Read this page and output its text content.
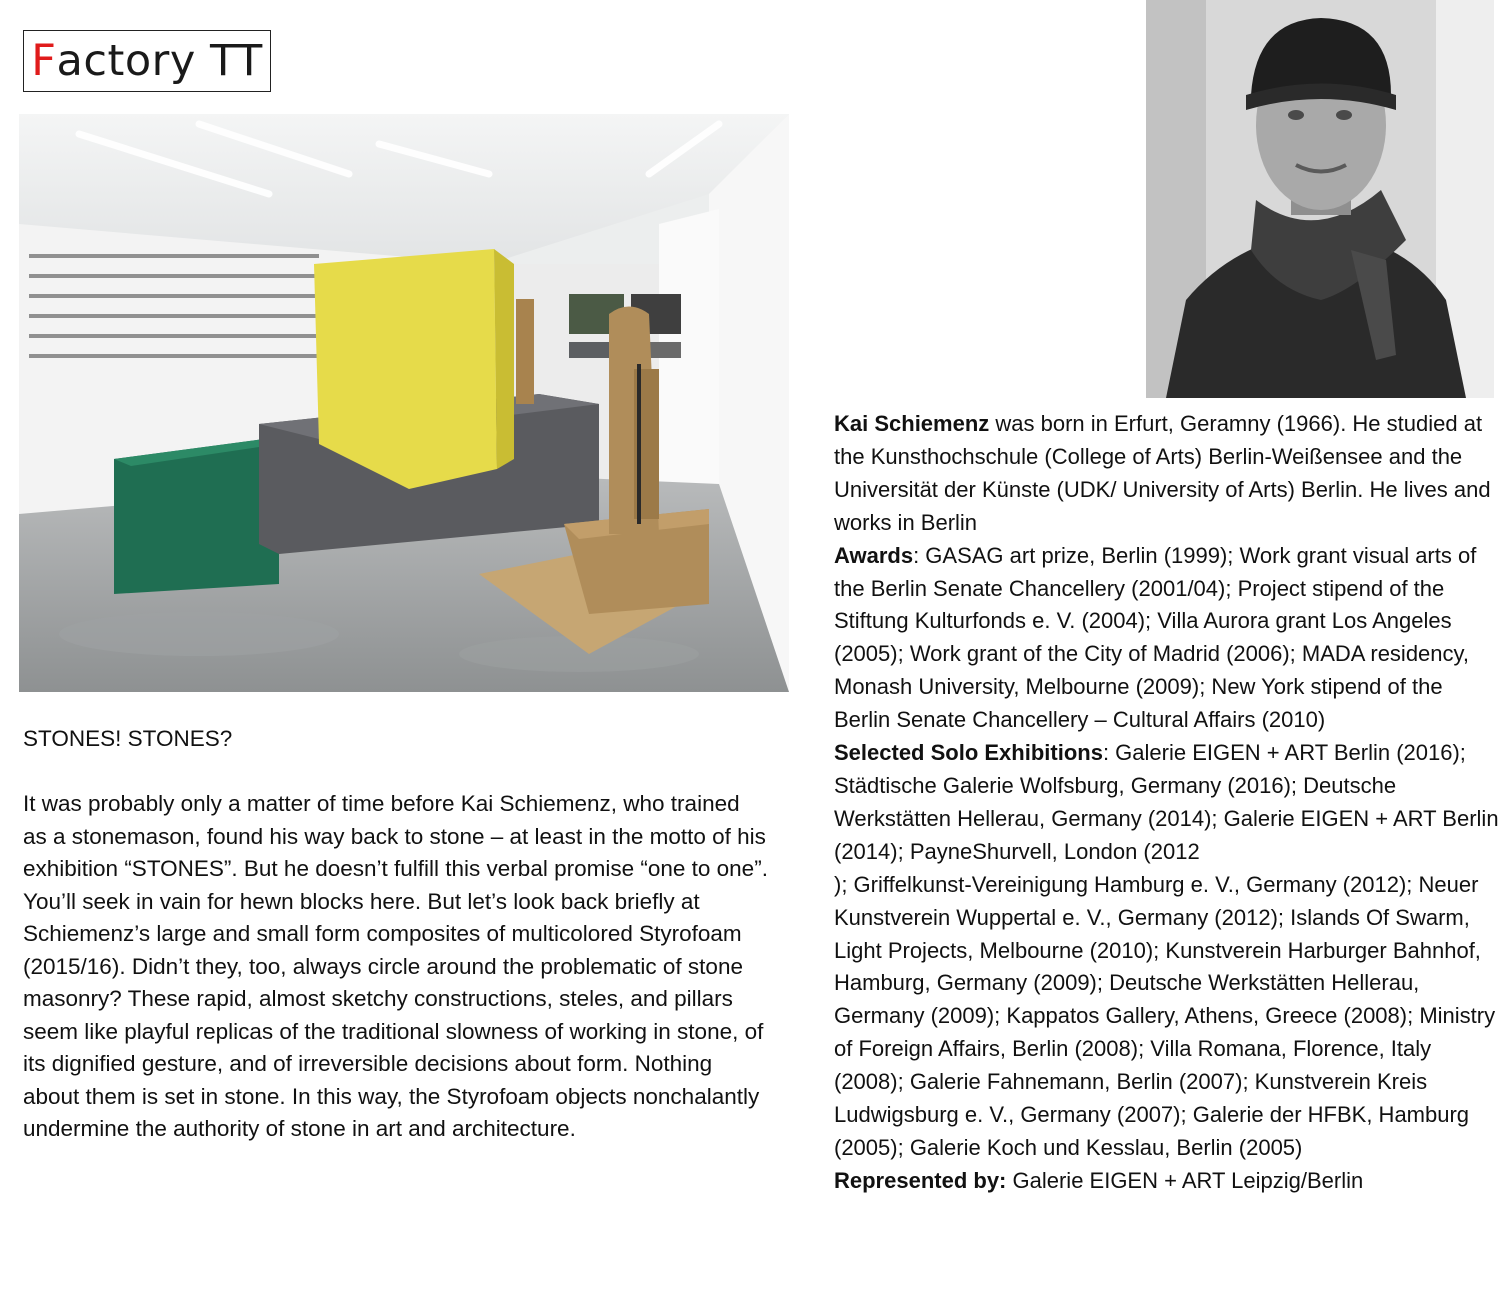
F actory TT

STONES! STONES?

It was probably only a matter of time before Kai Schiemenz, who trained as a stonemason, found his way back to stone – at least in the motto of his exhibition “STONES”. But he doesn’t fulfill this verbal promise “one to one”. You’ll seek in vain for hewn blocks here. But let’s look back briefly at Schiemenz’s large and small form composites of multicolored Styrofoam (2015/16). Didn’t they, too, always circle around the problematic of stone masonry? These rapid, almost sketchy constructions, steles, and pillars seem like playful replicas of the traditional slowness of working in stone, of its dignified gesture, and of irreversible decisions about form. Nothing about them is set in stone. In this way, the Styrofoam objects nonchalantly undermine the authority of stone in art and architecture.

Kai Schiemenz was born in Erfurt, Geramny (1966). He studied at the Kunsthochschule (College of Arts) Berlin-Weißensee and the Universität der Künste (UDK/ University of Arts) Berlin. He lives and works in Berlin

Awards: GASAG art prize, Berlin (1999); Work grant visual arts of the Berlin Senate Chancellery (2001/04); Project stipend of the Stiftung Kulturfonds e. V. (2004); Villa Aurora grant Los Angeles (2005); Work grant of the City of Madrid (2006); MADA residency, Monash University, Melbourne (2009); New York stipend of the Berlin Senate Chancellery – Cultural Affairs (2010)

Selected Solo Exhibitions: Galerie EIGEN + ART Berlin (2016); Städtische Galerie Wolfsburg, Germany (2016); Deutsche Werkstätten Hellerau, Germany (2014); Galerie EIGEN + ART Berlin (2014); PayneShurvell, London (2012
); Griffelkunst-Vereinigung Hamburg e. V., Germany (2012); Neuer Kunstverein Wuppertal e. V., Germany (2012); Islands Of Swarm, Light Projects, Melbourne (2010); Kunstverein Harburger Bahnhof, Hamburg, Germany (2009); Deutsche Werkstätten Hellerau, Germany (2009); Kappatos Gallery, Athens, Greece (2008); Ministry of Foreign Affairs, Berlin (2008); Villa Romana, Florence, Italy (2008); Galerie Fahnemann, Berlin (2007); Kunstverein Kreis Ludwigsburg e. V., Germany (2007); Galerie der HFBK, Hamburg (2005); Galerie Koch und Kesslau, Berlin (2005)

Represented by: Galerie EIGEN + ART Leipzig/Berlin
